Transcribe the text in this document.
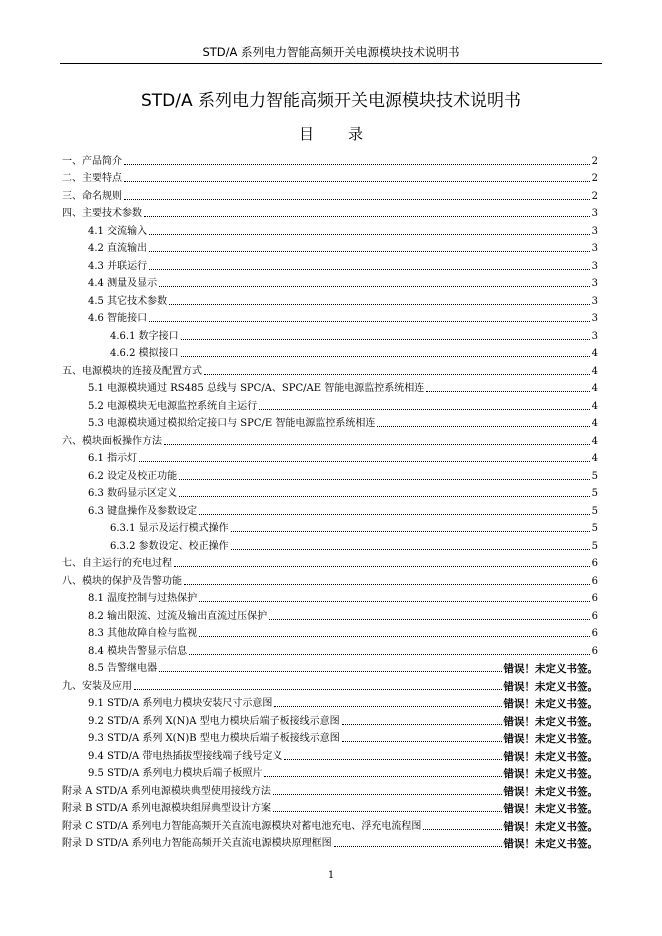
STD/A 系列电力智能高频开关电源模块技术说明书
STD/A 系列电力智能高频开关电源模块技术说明书
目录
一、产品简介	2
二、主要特点	2
三、命名规则	2
四、主要技术参数	3
4.1 交流输入	3
4.2 直流输出	3
4.3 并联运行	3
4.4 测量及显示	3
4.5 其它技术参数	3
4.6 智能接口	3
4.6.1 数字接口	3
4.6.2 模拟接口	4
五、电源模块的连接及配置方式	4
5.1 电源模块通过 RS485 总线与 SPC/A、SPC/AE 智能电源监控系统相连	4
5.2 电源模块无电源监控系统自主运行	4
5.3 电源模块通过模拟给定接口与 SPC/E 智能电源监控系统相连	4
六、模块面板操作方法	4
6.1 指示灯	4
6.2 设定及校正功能	5
6.3 数码显示区定义	5
6.3 键盘操作及参数设定	5
6.3.1 显示及运行模式操作	5
6.3.2 参数设定、校正操作	5
七、自主运行的充电过程	6
八、模块的保护及告警功能	6
8.1 温度控制与过热保护	6
8.2 输出限流、过流及输出直流过压保护	6
8.3 其他故障自检与监视	6
8.4 模块告警显示信息	6
8.5 告警继电器	错误！未定义书签。
九、安装及应用	错误！未定义书签。
9.1 STD/A 系列电力模块安装尺寸示意图	错误！未定义书签。
9.2 STD/A 系列 X(N)A 型电力模块后端子板接线示意图	错误！未定义书签。
9.3 STD/A 系列 X(N)B 型电力模块后端子板接线示意图	错误！未定义书签。
9.4 STD/A 带电热插拔型接线端子线号定义	错误！未定义书签。
9.5 STD/A 系列电力模块后端子板照片	错误！未定义书签。
附录 A STD/A 系列电源模块典型使用接线方法	错误！未定义书签。
附录 B STD/A 系列电源模块组屏典型设计方案	错误！未定义书签。
附录 C STD/A 系列电力智能高频开关直流电源模块对蓄电池充电、浮充电流程图	错误！未定义书签。
附录 D STD/A 系列电力智能高频开关直流电源模块原理框图	错误！未定义书签。
1
